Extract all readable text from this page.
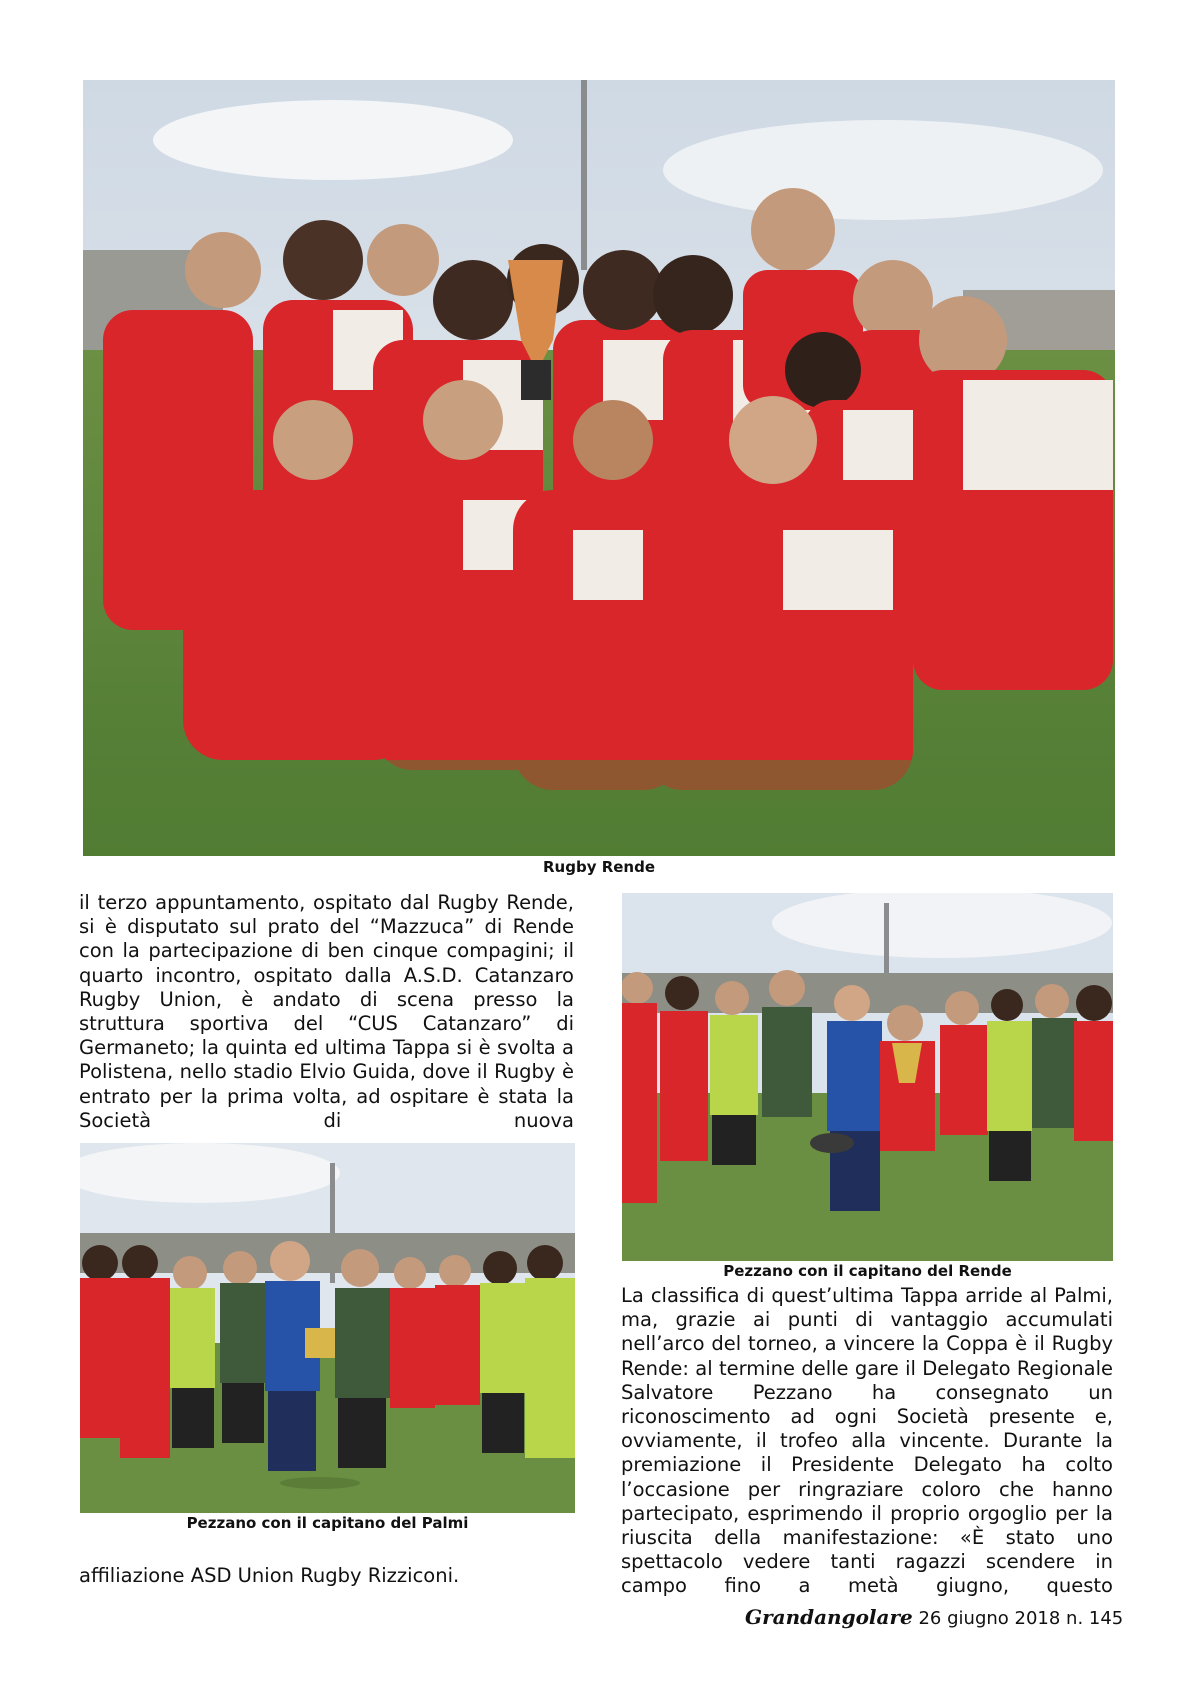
Rugby Rende
il terzo appuntamento, ospitato dal Rugby Rende, si è disputato sul prato del “Mazzuca” di Rende con la partecipazione di ben cinque compagini; il quarto incontro, ospitato dalla A.S.D. Catanzaro Rugby Union, è andato di scena presso la struttura sportiva del “CUS Catanzaro” di Germaneto; la quinta ed ultima Tappa si è svolta a Polistena, nello stadio Elvio Guida, dove il Rugby è entrato per la prima volta, ad ospitare è stata la Società di nuova
Pezzano con il capitano del Palmi
affiliazione ASD Union Rugby Rizziconi.
Pezzano con il capitano del Rende
La classifica di quest’ultima Tappa arride al Palmi, ma, grazie ai punti di vantaggio accumulati nell’arco del torneo, a vincere la Coppa è il Rugby Rende: al termine delle gare il Delegato Regionale Salvatore Pezzano ha consegnato un riconoscimento ad ogni Società presente e, ovviamente, il trofeo alla vincente. Durante la premiazione il Presidente Delegato ha colto l’occasione per ringraziare coloro che hanno partecipato, esprimendo il proprio orgoglio per la riuscita della manifestazione: «È stato uno spettacolo vedere tanti ragazzi scendere in campo fino a metà giugno, questo
Grandangolare 26 giugno 2018 n. 145
